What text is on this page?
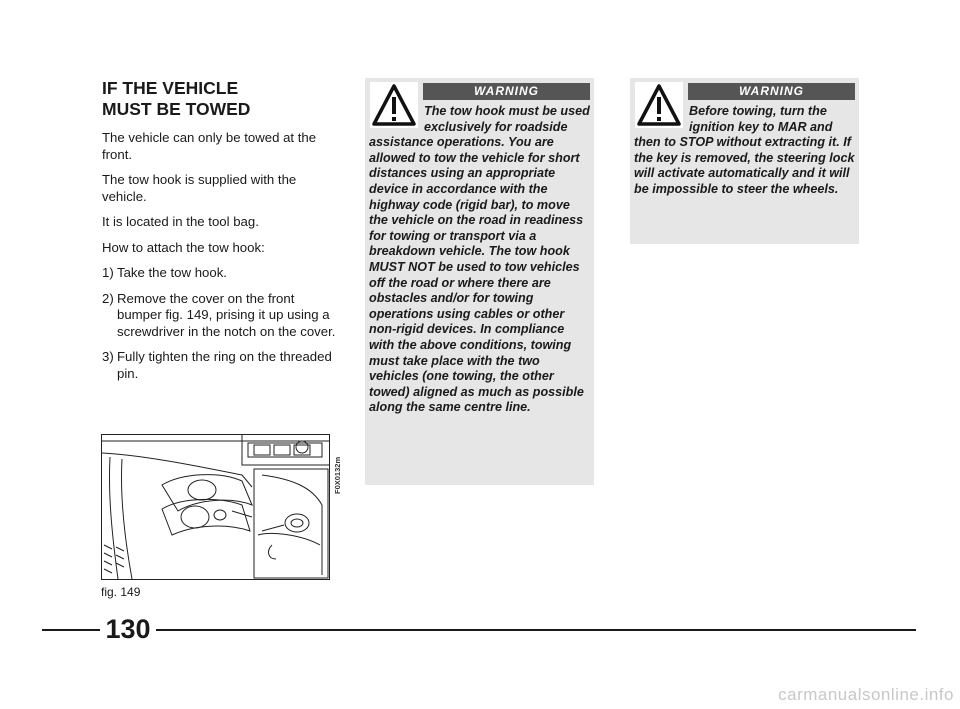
IF THE VEHICLE
MUST BE TOWED

The vehicle can only be towed at the front.

The tow hook is supplied with the vehicle.

It is located in the tool bag.

How to attach the tow hook:

1) Take the tow hook.
2) Remove the cover on the front bumper fig. 149, prising it up using a screwdriver in the notch on the cover.
3) Fully tighten the ring on the threaded pin.
F0X0132m
fig. 149
WARNING
The tow hook must be used exclusively for roadside assistance operations. You are allowed to tow the vehicle for short distances using an appropriate device in accordance with the highway code (rigid bar), to move the vehicle on the road in readiness for towing or transport via a breakdown vehicle. The tow hook MUST NOT be used to tow vehicles off the road or where there are obstacles and/or for towing operations using cables or other non-rigid devices. In compliance with the above conditions, towing must take place with the two vehicles (one towing, the other towed) aligned as much as possible along the same centre line.
WARNING
Before towing, turn the ignition key to MAR and then to STOP without extracting it. If the key is removed, the steering lock will activate automatically and it will be impossible to steer the wheels.
130
carmanualsonline.info
